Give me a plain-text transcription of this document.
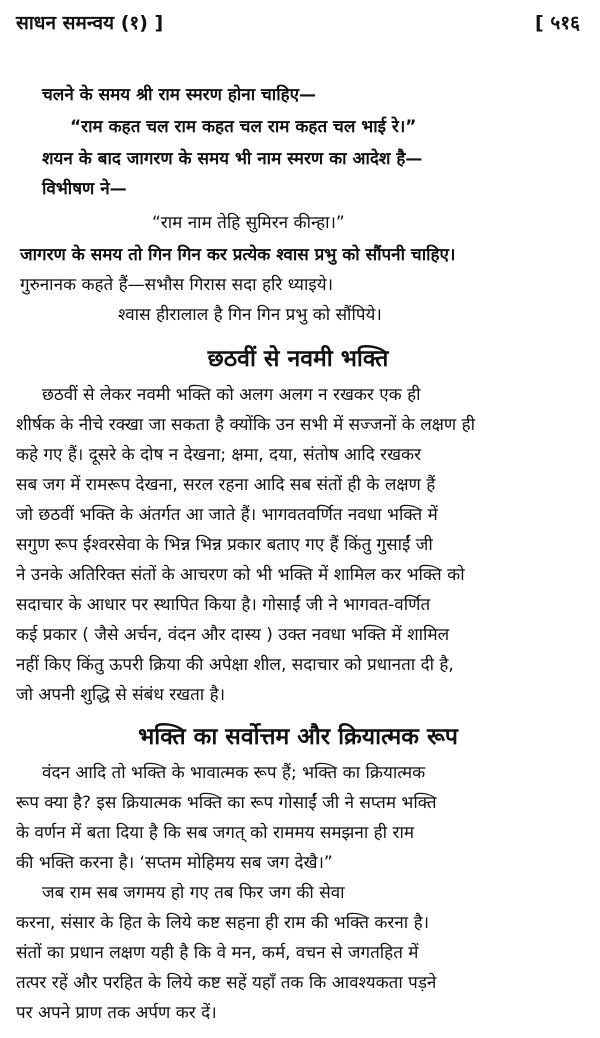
साधन समन्वय (१) ]	[ ५१६

चलने के समय श्री राम स्मरण होना चाहिए—

“राम कहत चल राम कहत चल राम कहत चल भाई रे।”

शयन के बाद जागरण के समय भी नाम स्मरण का आदेश है—

विभीषण ने—

“राम नाम तेहि सुमिरन कीन्हा।”

जागरण के समय तो गिन गिन कर प्रत्येक श्वास प्रभु को सौंपनी चाहिए।

गुरुनानक कहते हैं—सभौस गिरास सदा हरि ध्याइये।

श्वास हीरालाल है गिन गिन प्रभु को सौंपिये।

छठवीं से नवमी भक्ति
छठवीं से लेकर नवमी भक्ति को अलग अलग न रखकर एक ही
शीर्षक के नीचे रक्खा जा सकता है क्योंकि उन सभी में सज्जनों के लक्षण ही
कहे गए हैं। दूसरे के दोष न देखना; क्षमा, दया, संतोष आदि रखकर
सब जग में रामरूप देखना, सरल रहना आदि सब संतों ही के लक्षण हैं
जो छठवीं भक्ति के अंतर्गत आ जाते हैं। भागवतवर्णित नवधा भक्ति में
सगुण रूप ईश्वरसेवा के भिन्न भिन्न प्रकार बताए गए हैं किंतु गुसाईं जी
ने उनके अतिरिक्त संतों के आचरण को भी भक्ति में शामिल कर भक्ति को
सदाचार के आधार पर स्थापित किया है। गोसाईं जी ने भागवत-वर्णित
कई प्रकार ( जैसे अर्चन, वंदन और दास्य ) उक्त नवधा भक्ति में शामिल
नहीं किए किंतु ऊपरी क्रिया की अपेक्षा शील, सदाचार को प्रधानता दी है,
जो अपनी शुद्धि से संबंध रखता है।
भक्ति का सर्वोत्तम और क्रियात्मक रूप
वंदन आदि तो भक्ति के भावात्मक रूप हैं; भक्ति का क्रियात्मक
रूप क्या है? इस क्रियात्मक भक्ति का रूप गोसाईं जी ने सप्तम भक्ति
के वर्णन में बता दिया है कि सब जगत् को राममय समझना ही राम
की भक्ति करना है। ‘सप्तम मोहिमय सब जग देखै।”
जब राम सब जगमय हो गए तब फिर जग की सेवा
करना, संसार के हित के लिये कष्ट सहना ही राम की भक्ति करना है।
संतों का प्रधान लक्षण यही है कि वे मन, कर्म, वचन से जगतहित में
तत्पर रहें और परहित के लिये कष्ट सहें यहाँ तक कि आवश्यकता पड़ने
पर अपने प्राण तक अर्पण कर दें।
